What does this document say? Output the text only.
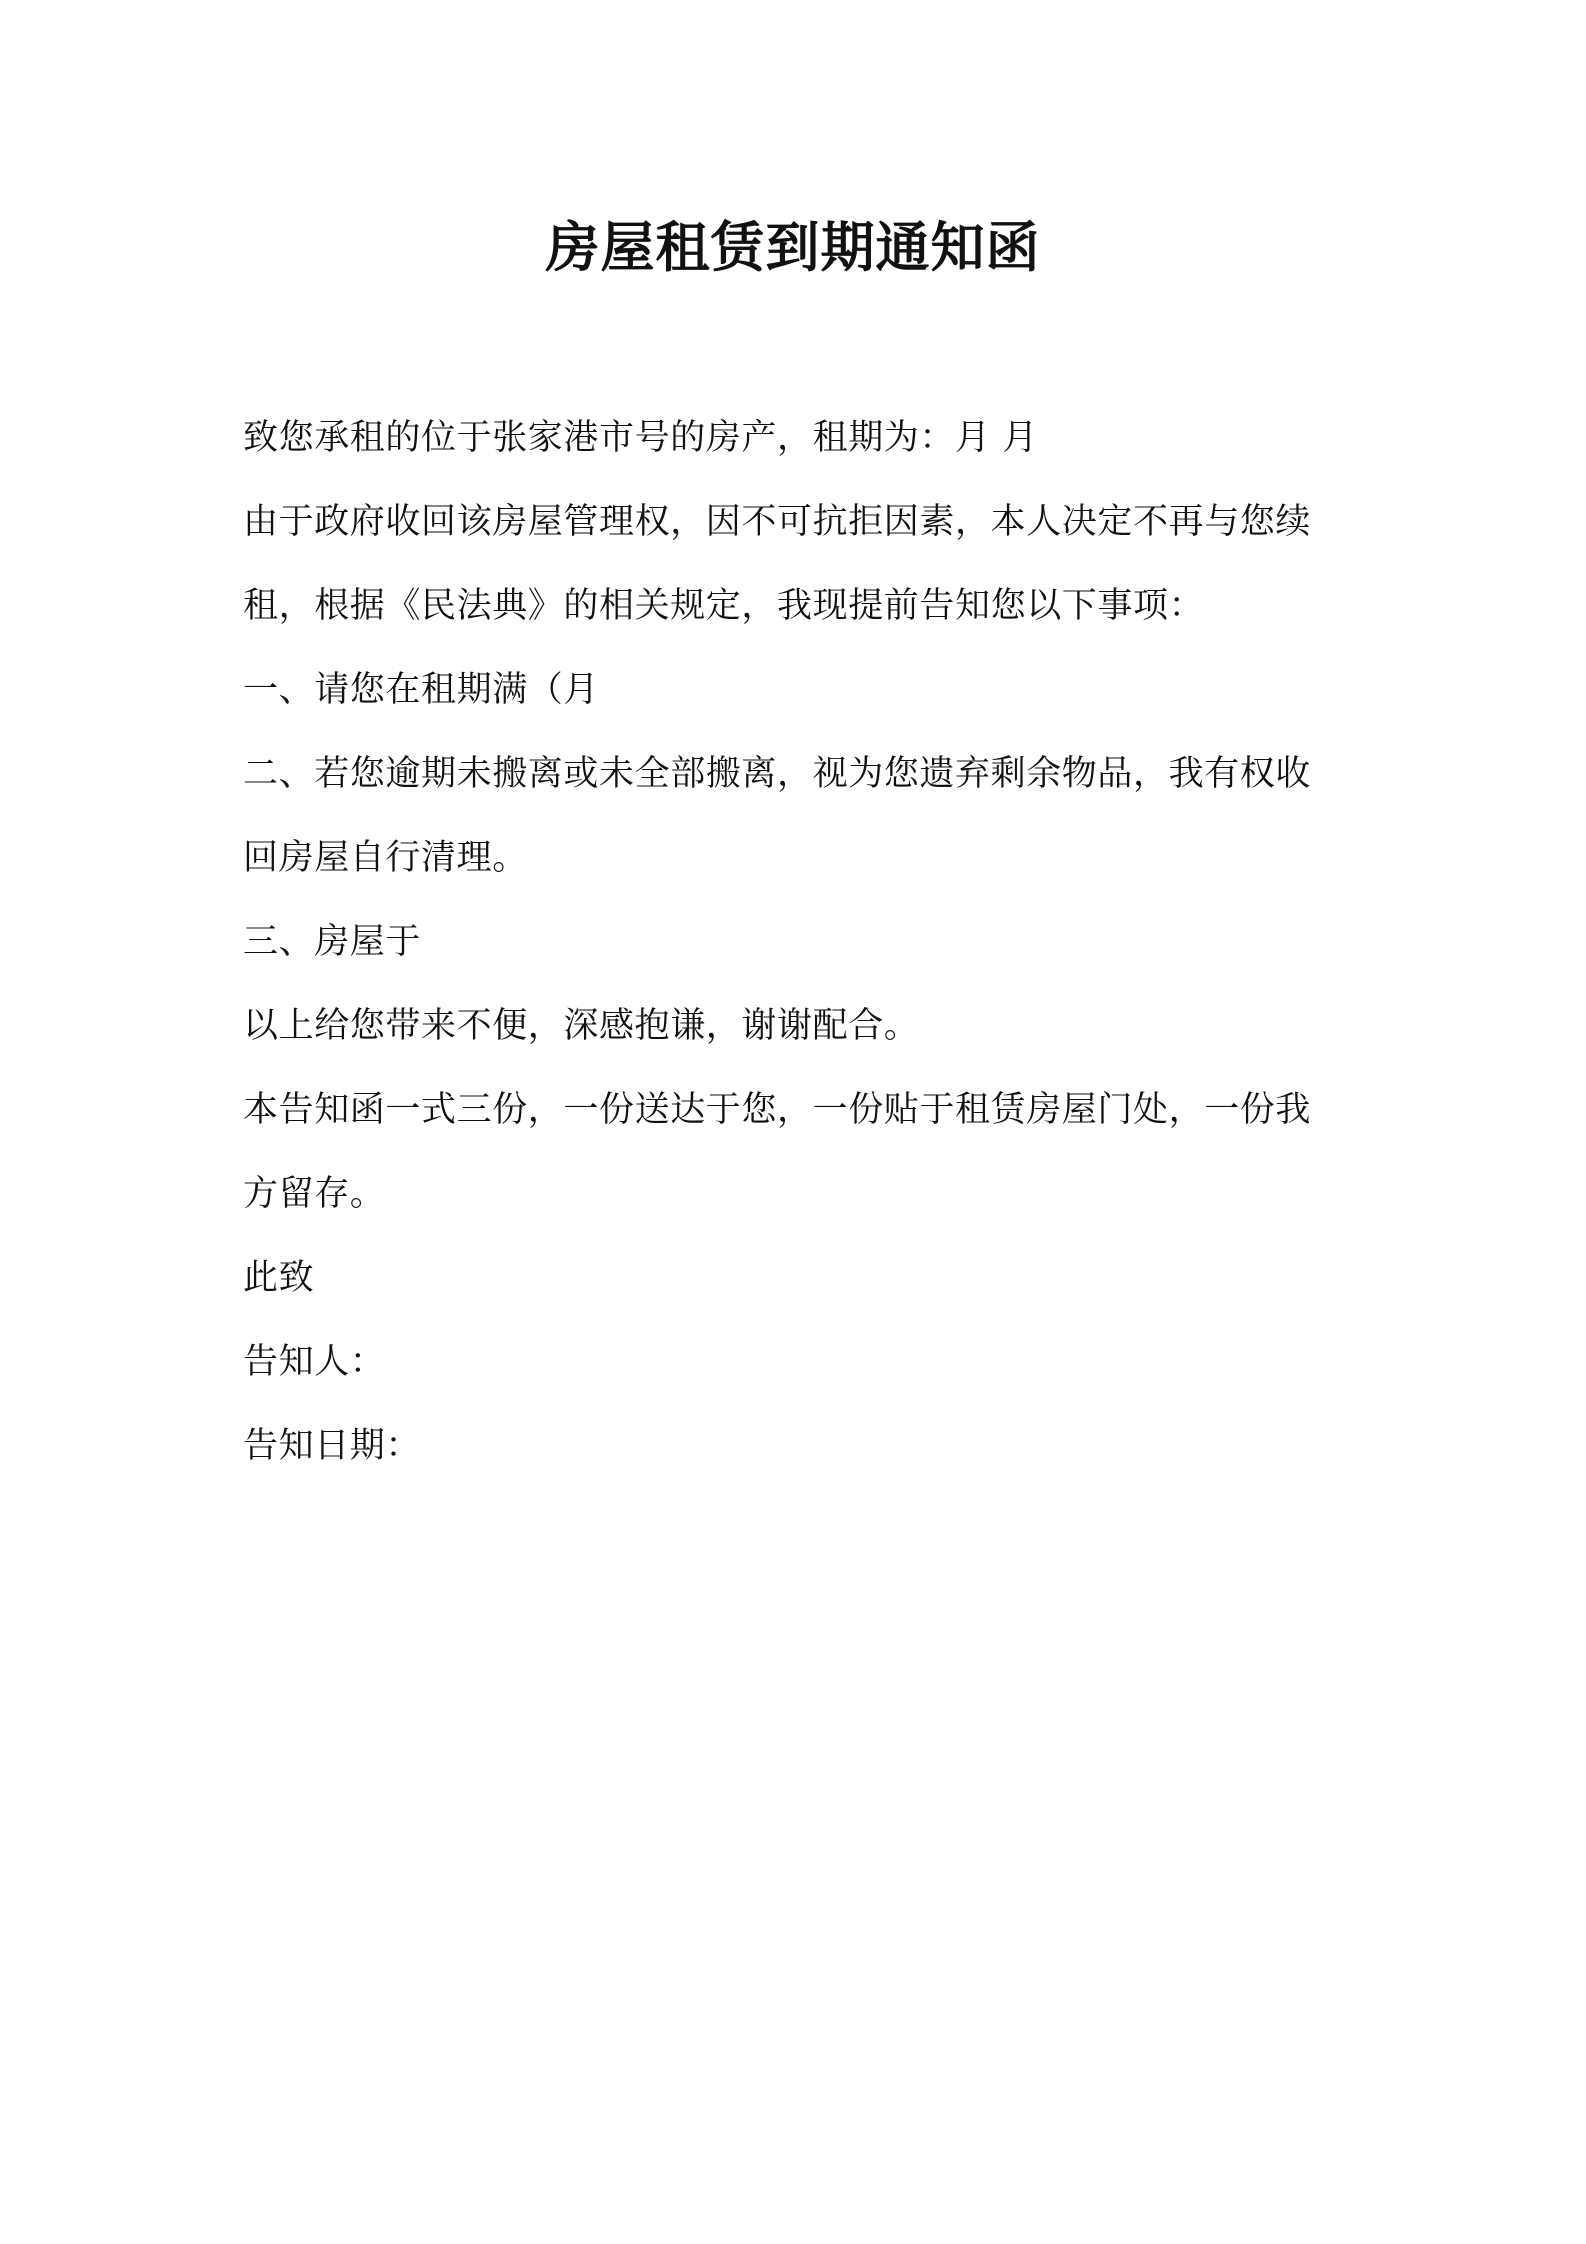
房屋租赁到期通知函
致您承租的位于张家港市号的房产，租期为：月 月
由于政府收回该房屋管理权，因不可抗拒因素，本人决定不再与您续
租，根据《民法典》的相关规定，我现提前告知您以下事项：
一、请您在租期满（月
二、若您逾期未搬离或未全部搬离，视为您遗弃剩余物品，我有权收
回房屋自行清理。
三、房屋于
以上给您带来不便，深感抱谦，谢谢配合。
本告知函一式三份，一份送达于您，一份贴于租赁房屋门处，一份我
方留存。
此致
告知人：
告知日期：
